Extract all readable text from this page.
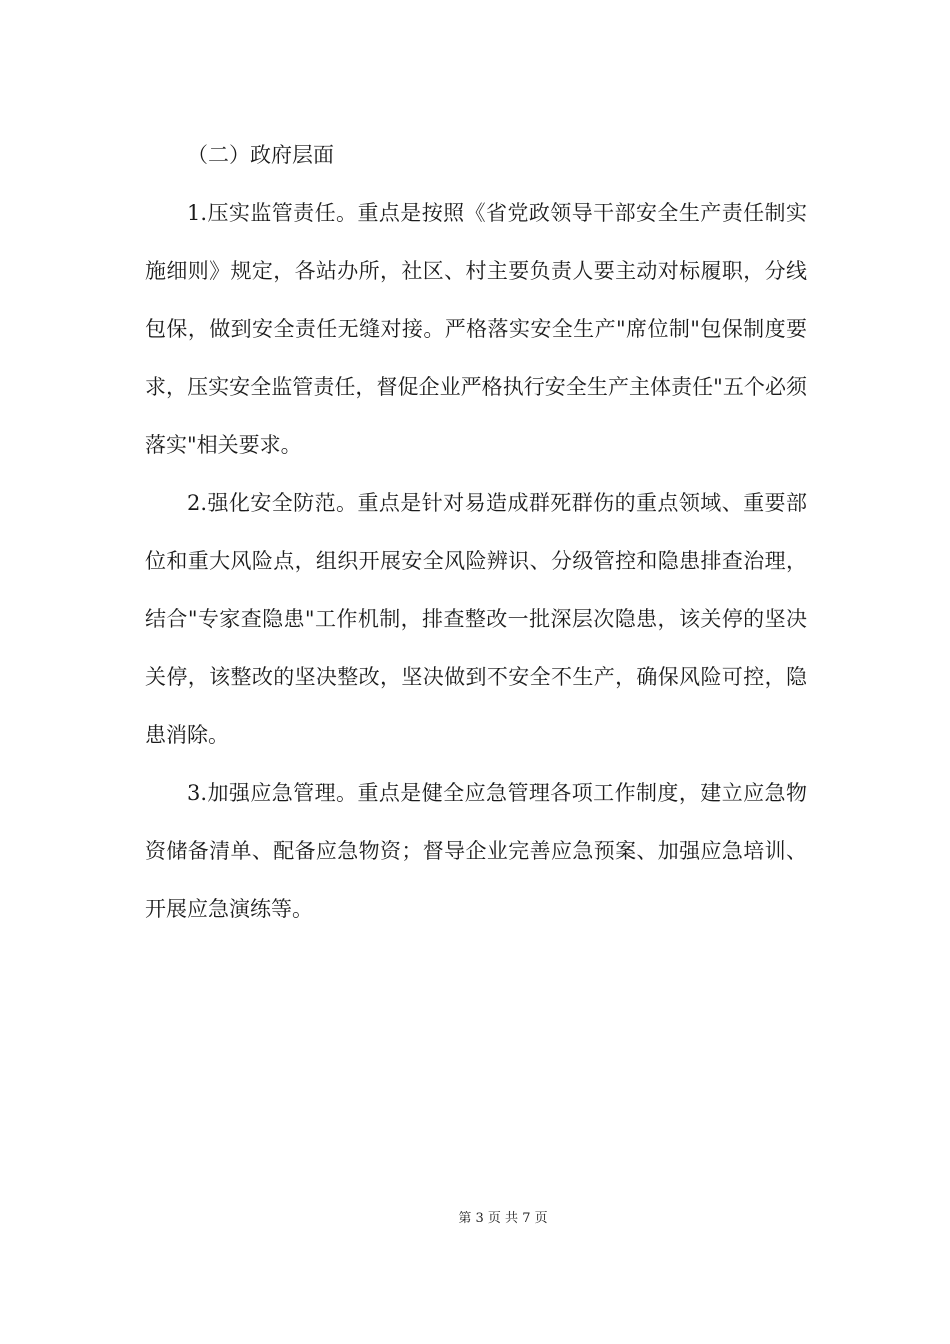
（二）政府层面

1.压实监管责任。重点是按照《省党政领导干部安全生产责任制实施细则》规定，各站办所，社区、村主要负责人要主动对标履职，分线包保，做到安全责任无缝对接。严格落实安全生产"席位制"包保制度要求，压实安全监管责任，督促企业严格执行安全生产主体责任"五个必须落实"相关要求。

2.强化安全防范。重点是针对易造成群死群伤的重点领域、重要部位和重大风险点，组织开展安全风险辨识、分级管控和隐患排查治理，结合"专家查隐患"工作机制，排查整改一批深层次隐患，该关停的坚决关停，该整改的坚决整改，坚决做到不安全不生产，确保风险可控，隐患消除。

3.加强应急管理。重点是健全应急管理各项工作制度，建立应急物资储备清单、配备应急物资；督导企业完善应急预案、加强应急培训、开展应急演练等。

第 3 页 共 7 页
